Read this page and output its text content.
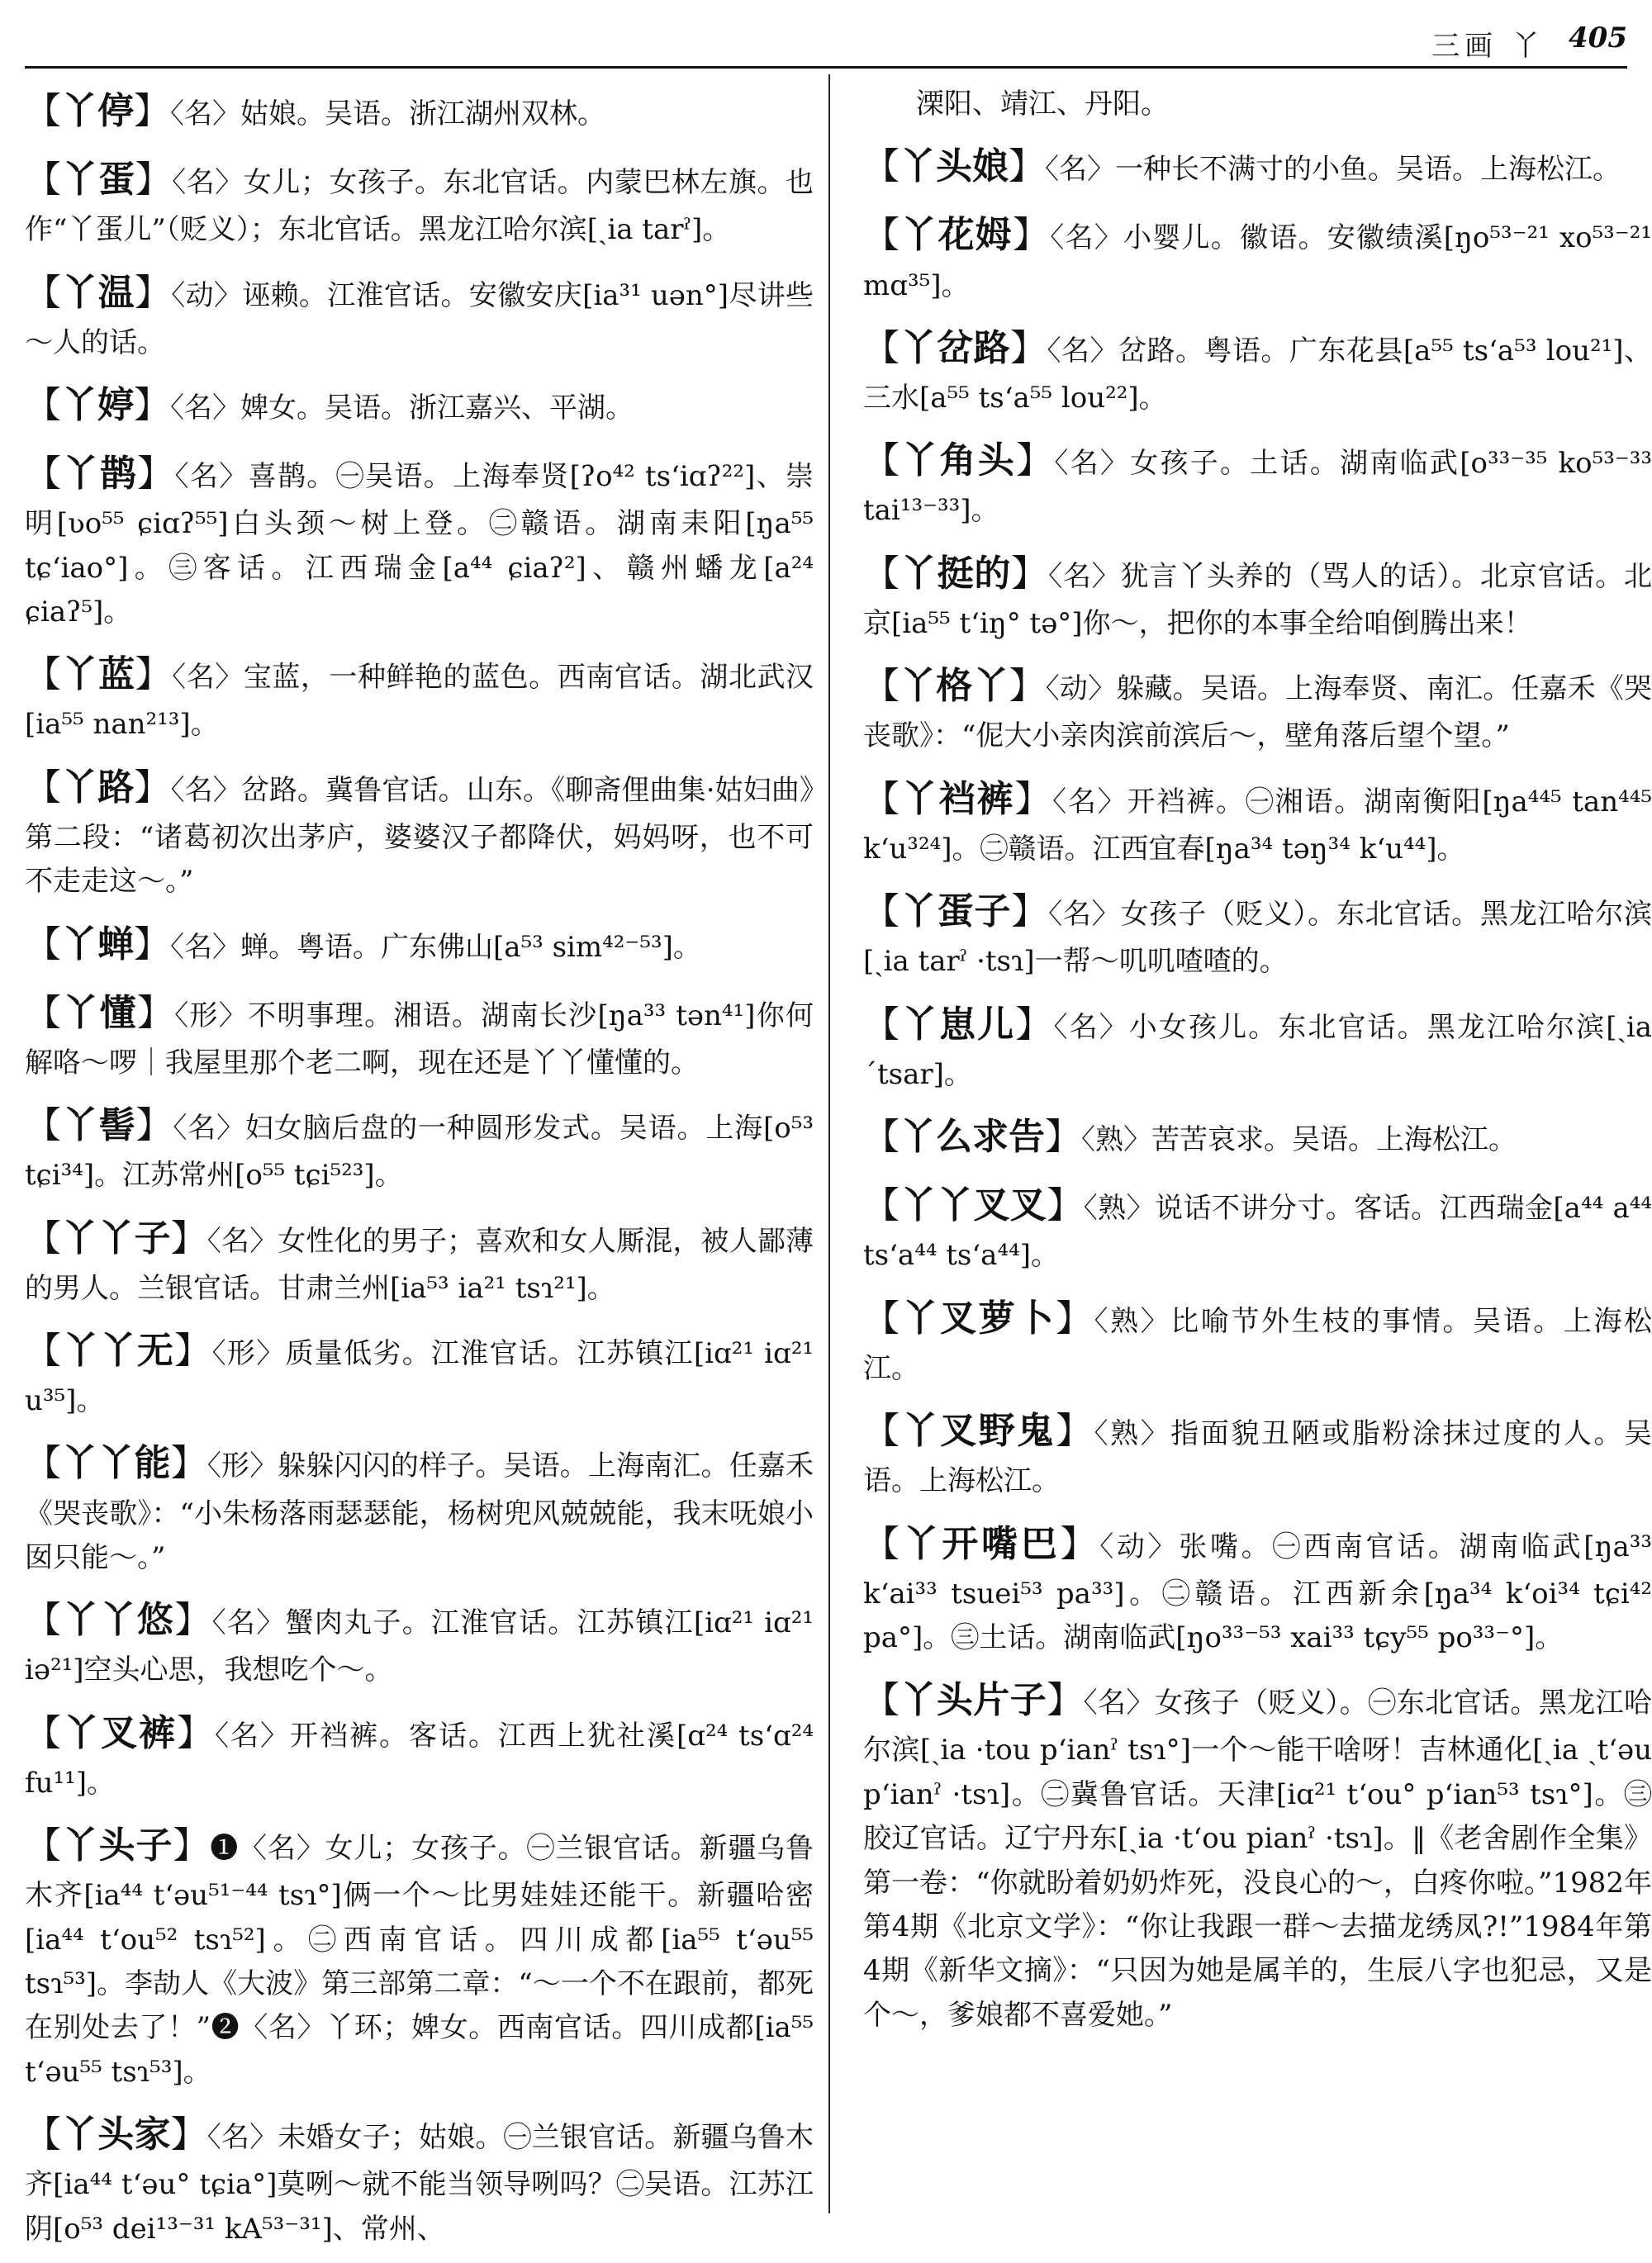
三画 丫 405
【 丫停 】 〈名〉姑娘。吴语。浙江湖州双林。
【 丫蛋 】 〈名〉女儿；女孩子。东北官话。内蒙巴林左旗。也作“丫蛋儿”（贬义）；东北官话。黑龙江哈尔滨[ˏia tarˀ]。
【 丫温 】 〈动〉诬赖。江淮官话。安徽安庆[ia³¹ uən°]尽讲些～人的话。
【 丫婷 】 〈名〉婢女。吴语。浙江嘉兴、平湖。
【 丫鹊 】 〈名〉喜鹊。㊀吴语。上海奉贤[ʔo⁴² tsʻiɑʔ²²]、崇明[ʋo⁵⁵ ɕiɑʔ⁵⁵]白头颈～树上登。㊁赣语。湖南耒阳[ŋa⁵⁵ tɕʻiao°]。㊂客话。江西瑞金[a⁴⁴ ɕiaʔ²]、赣州蟠龙[a²⁴ ɕiaʔ⁵]。
【 丫蓝 】 〈名〉宝蓝，一种鲜艳的蓝色。西南官话。湖北武汉[ia⁵⁵ nan²¹³]。
【 丫路 】 〈名〉岔路。冀鲁官话。山东。《聊斋俚曲集·姑妇曲》第二段：“诸葛初次出茅庐，婆婆汉子都降伏，妈妈呀，也不可不走走这～。”
【 丫蝉 】 〈名〉蝉。粤语。广东佛山[a⁵³ sim⁴²⁻⁵³]。
【 丫懂 】 〈形〉不明事理。湘语。湖南长沙[ŋa³³ tən⁴¹]你何解咯～啰｜我屋里那个老二啊，现在还是丫丫懂懂的。
【 丫髻 】 〈名〉妇女脑后盘的一种圆形发式。吴语。上海[o⁵³ tɕi³⁴]。江苏常州[o⁵⁵ tɕi⁵²³]。
【 丫丫子 】 〈名〉女性化的男子；喜欢和女人厮混，被人鄙薄的男人。兰银官话。甘肃兰州[ia⁵³ ia²¹ tsɿ²¹]。
【 丫丫无 】 〈形〉质量低劣。江淮官话。江苏镇江[iɑ²¹ iɑ²¹ u³⁵]。
【 丫丫能 】 〈形〉躲躲闪闪的样子。吴语。上海南汇。任嘉禾《哭丧歌》：“小朱杨落雨瑟瑟能，杨树兜风兢兢能，我末呒娘小囡只能～。”
【 丫丫悠 】 〈名〉蟹肉丸子。江淮官话。江苏镇江[iɑ²¹ iɑ²¹ iə²¹]空头心思，我想吃个～。
【 丫叉裤 】 〈名〉开裆裤。客话。江西上犹社溪[ɑ²⁴ tsʻɑ²⁴ fu¹¹]。
【 丫头子 】 ❶〈名〉女儿；女孩子。㊀兰银官话。新疆乌鲁木齐[ia⁴⁴ tʻəu⁵¹⁻⁴⁴ tsɿ°]俩一个～比男娃娃还能干。新疆哈密[ia⁴⁴ tʻou⁵² tsɿ⁵²]。㊁西南官话。四川成都[ia⁵⁵ tʻəu⁵⁵ tsɿ⁵³]。李劼人《大波》第三部第二章：“～一个不在跟前，都死在别处去了！”❷〈名〉丫环；婢女。西南官话。四川成都[ia⁵⁵ tʻəu⁵⁵ tsɿ⁵³]。
【 丫头家 】 〈名〉未婚女子；姑娘。㊀兰银官话。新疆乌鲁木齐[ia⁴⁴ tʻəu° tɕia°]莫咧～就不能当领导咧吗？㊁吴语。江苏江阴[o⁵³ dei¹³⁻³¹ kA⁵³⁻³¹]、常州、
溧阳、靖江、丹阳。
【 丫头娘 】 〈名〉一种长不满寸的小鱼。吴语。上海松江。
【 丫花姆 】 〈名〉小婴儿。徽语。安徽绩溪[ŋo⁵³⁻²¹ xo⁵³⁻²¹ mɑ³⁵]。
【 丫岔路 】 〈名〉岔路。粤语。广东花县[a⁵⁵ tsʻa⁵³ lou²¹]、三水[a⁵⁵ tsʻa⁵⁵ lou²²]。
【 丫角头 】 〈名〉女孩子。土话。湖南临武[o³³⁻³⁵ ko⁵³⁻³³ tai¹³⁻³³]。
【 丫挺的 】 〈名〉犹言丫头养的（骂人的话）。北京官话。北京[ia⁵⁵ tʻiŋ° tə°]你～，把你的本事全给咱倒腾出来！
【 丫格丫 】 〈动〉躲藏。吴语。上海奉贤、南汇。任嘉禾《哭丧歌》：“伲大小亲肉滨前滨后～，壁角落后望个望。”
【 丫裆裤 】 〈名〉开裆裤。㊀湘语。湖南衡阳[ŋa⁴⁴⁵ tan⁴⁴⁵ kʻu³²⁴]。㊁赣语。江西宜春[ŋa³⁴ təŋ³⁴ kʻu⁴⁴]。
【 丫蛋子 】 〈名〉女孩子（贬义）。东北官话。黑龙江哈尔滨[ˏia tarˀ ·tsɿ]一帮～叽叽喳喳的。
【 丫崽儿 】 〈名〉小女孩儿。东北官话。黑龙江哈尔滨[ˏia ˊtsar]。
【 丫么求告 】 〈熟〉苦苦哀求。吴语。上海松江。
【 丫丫叉叉 】 〈熟〉说话不讲分寸。客话。江西瑞金[a⁴⁴ a⁴⁴ tsʻa⁴⁴ tsʻa⁴⁴]。
【 丫叉萝卜 】 〈熟〉比喻节外生枝的事情。吴语。上海松江。
【 丫叉野鬼 】 〈熟〉指面貌丑陋或脂粉涂抹过度的人。吴语。上海松江。
【 丫开嘴巴 】 〈动〉张嘴。㊀西南官话。湖南临武[ŋa³³ kʻai³³ tsuei⁵³ pa³³]。㊁赣语。江西新余[ŋa³⁴ kʻoi³⁴ tɕi⁴² pa°]。㊂土话。湖南临武[ŋo³³⁻⁵³ xai³³ tɕy⁵⁵ po³³⁻°]。
【 丫头片子 】 〈名〉女孩子（贬义）。㊀东北官话。黑龙江哈尔滨[ˏia ·tou pʻianˀ tsɿ°]一个～能干啥呀！吉林通化[ˏia ˏtʻəu pʻianˀ ·tsɿ]。㊁冀鲁官话。天津[iɑ²¹ tʻou° pʻian⁵³ tsɿ°]。㊂胶辽官话。辽宁丹东[ˏia ·tʻou pianˀ ·tsɿ]。‖《老舍剧作全集》第一卷：“你就盼着奶奶炸死，没良心的～，白疼你啦。”1982年第4期《北京文学》：“你让我跟一群～去描龙绣凤?!”1984年第4期《新华文摘》：“只因为她是属羊的，生辰八字也犯忌，又是个～，爹娘都不喜爱她。”
